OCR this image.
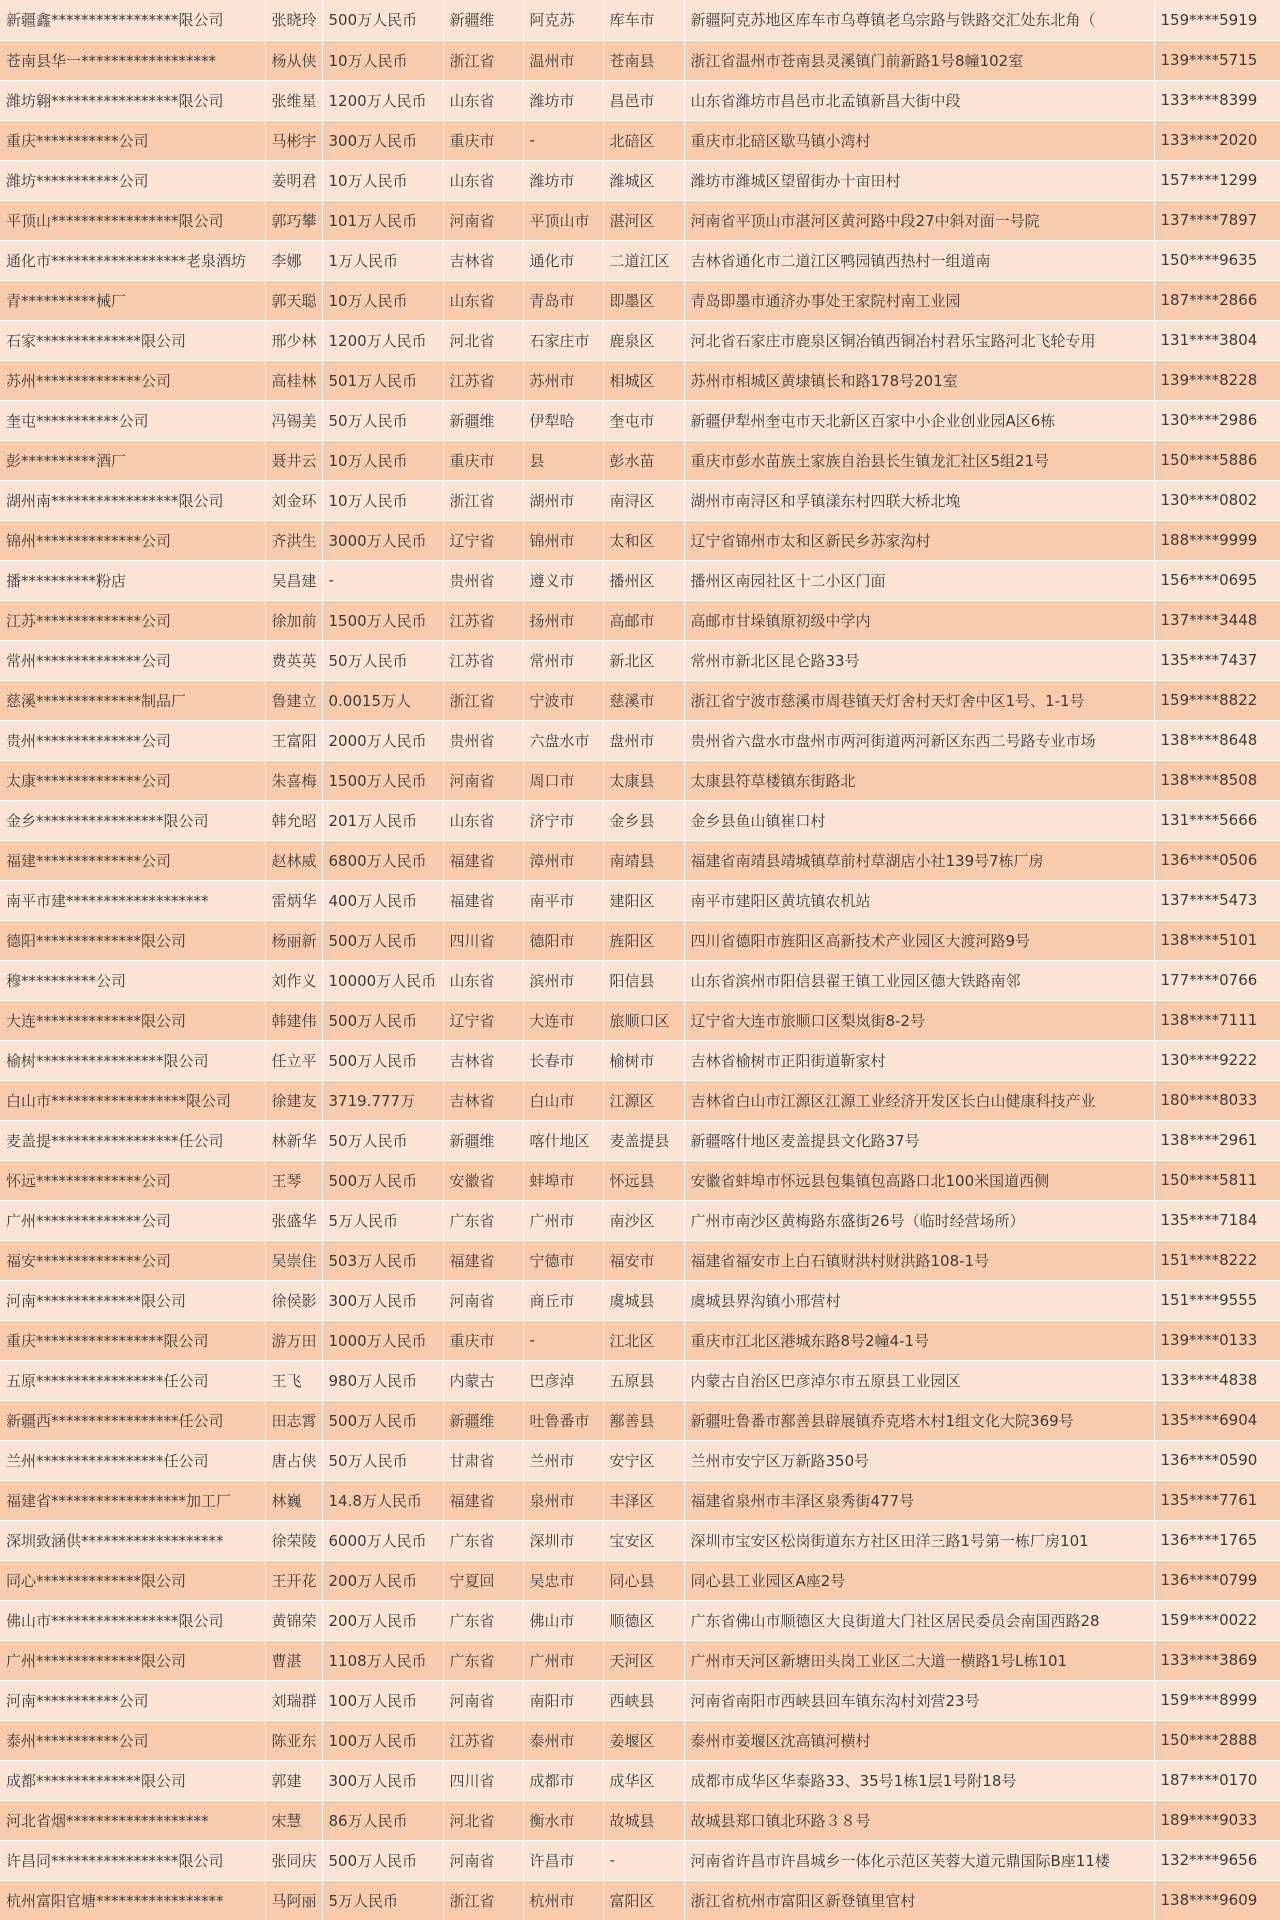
新疆鑫*****************限公司	张晓玲	500万人民币	新疆维	阿克苏	库车市	新疆阿克苏地区库车市乌尊镇老乌宗路与铁路交汇处东北角（	159****5919
苍南县华一******************	杨从侠	10万人民币	浙江省	温州市	苍南县	浙江省温州市苍南县灵溪镇门前新路1号8幢102室	139****5715
潍坊翱*****************限公司	张维星	1200万人民币	山东省	潍坊市	昌邑市	山东省潍坊市昌邑市北孟镇新昌大街中段	133****8399
重庆***********公司	马彬宇	300万人民币	重庆市	-	北碚区	重庆市北碚区歇马镇小湾村	133****2020
潍坊***********公司	姜明君	10万人民币	山东省	潍坊市	潍城区	潍坊市潍城区望留街办十亩田村	157****1299
平顶山*****************限公司	郭巧攀	101万人民币	河南省	平顶山市	湛河区	河南省平顶山市湛河区黄河路中段27中斜对面一号院	137****7897
通化市******************老泉酒坊	李娜	1万人民币	吉林省	通化市	二道江区	吉林省通化市二道江区鸭园镇西热村一组道南	150****9635
青**********械厂	郭天聪	10万人民币	山东省	青岛市	即墨区	青岛即墨市通济办事处王家院村南工业园	187****2866
石家**************限公司	邢少林	1200万人民币	河北省	石家庄市	鹿泉区	河北省石家庄市鹿泉区铜冶镇西铜冶村君乐宝路河北飞轮专用	131****3804
苏州**************公司	高桂林	501万人民币	江苏省	苏州市	相城区	苏州市相城区黄埭镇长和路178号201室	139****8228
奎屯***********公司	冯锡美	50万人民币	新疆维	伊犁哈	奎屯市	新疆伊犁州奎屯市天北新区百家中小企业创业园A区6栋	130****2986
彭**********酒厂	聂井云	10万人民币	重庆市	县	彭水苗	重庆市彭水苗族土家族自治县长生镇龙汇社区5组21号	150****5886
湖州南*****************限公司	刘金环	10万人民币	浙江省	湖州市	南浔区	湖州市南浔区和孚镇漾东村四联大桥北堍	130****0802
锦州**************公司	齐洪生	3000万人民币	辽宁省	锦州市	太和区	辽宁省锦州市太和区新民乡苏家沟村	188****9999
播**********粉店	吴昌建	-	贵州省	遵义市	播州区	播州区南园社区十二小区门面	156****0695
江苏**************公司	徐加前	1500万人民币	江苏省	扬州市	高邮市	高邮市甘垛镇原初级中学内	137****3448
常州**************公司	费英英	50万人民币	江苏省	常州市	新北区	常州市新北区昆仑路33号	135****7437
慈溪**************制品厂	鲁建立	0.0015万人	浙江省	宁波市	慈溪市	浙江省宁波市慈溪市周巷镇天灯舍村天灯舍中区1号、1-1号	159****8822
贵州**************公司	王富阳	2000万人民币	贵州省	六盘水市	盘州市	贵州省六盘水市盘州市两河街道两河新区东西二号路专业市场	138****8648
太康**************公司	朱喜梅	1500万人民币	河南省	周口市	太康县	太康县符草楼镇东街路北	138****8508
金乡*****************限公司	韩允昭	201万人民币	山东省	济宁市	金乡县	金乡县鱼山镇崔口村	131****5666
福建**************公司	赵林威	6800万人民币	福建省	漳州市	南靖县	福建省南靖县靖城镇草前村草湖店小社139号7栋厂房	136****0506
南平市建*******************	雷炳华	400万人民币	福建省	南平市	建阳区	南平市建阳区黄坑镇农机站	137****5473
德阳**************限公司	杨丽新	500万人民币	四川省	德阳市	旌阳区	四川省德阳市旌阳区高新技术产业园区大渡河路9号	138****5101
穆**********公司	刘作义	10000万人民币	山东省	滨州市	阳信县	山东省滨州市阳信县翟王镇工业园区德大铁路南邻	177****0766
大连**************限公司	韩建伟	500万人民币	辽宁省	大连市	旅顺口区	辽宁省大连市旅顺口区梨岚街8-2号	138****7111
榆树*****************限公司	任立平	500万人民币	吉林省	长春市	榆树市	吉林省榆树市正阳街道靳家村	130****9222
白山市******************限公司	徐建友	3719.777万	吉林省	白山市	江源区	吉林省白山市江源区江源工业经济开发区长白山健康科技产业	180****8033
麦盖提*****************任公司	林新华	50万人民币	新疆维	喀什地区	麦盖提县	新疆喀什地区麦盖提县文化路37号	138****2961
怀远**************公司	王琴	500万人民币	安徽省	蚌埠市	怀远县	安徽省蚌埠市怀远县包集镇包高路口北100米国道西侧	150****5811
广州**************公司	张盛华	5万人民币	广东省	广州市	南沙区	广州市南沙区黄梅路东盛街26号（临时经营场所）	135****7184
福安**************公司	吴崇住	503万人民币	福建省	宁德市	福安市	福建省福安市上白石镇财洪村财洪路108-1号	151****8222
河南**************限公司	徐侯影	300万人民币	河南省	商丘市	虞城县	虞城县界沟镇小邢营村	151****9555
重庆*****************限公司	游万田	1000万人民币	重庆市	-	江北区	重庆市江北区港城东路8号2幢4-1号	139****0133
五原*****************任公司	王飞	980万人民币	内蒙古	巴彦淖	五原县	内蒙古自治区巴彦淖尔市五原县工业园区	133****4838
新疆西*****************任公司	田志霄	500万人民币	新疆维	吐鲁番市	鄯善县	新疆吐鲁番市鄯善县辟展镇乔克塔木村1组文化大院369号	135****6904
兰州*****************任公司	唐占侠	50万人民币	甘肃省	兰州市	安宁区	兰州市安宁区万新路350号	136****0590
福建省******************加工厂	林巍	14.8万人民币	福建省	泉州市	丰泽区	福建省泉州市丰泽区泉秀街477号	135****7761
深圳致涵供*******************	徐荣陵	6000万人民币	广东省	深圳市	宝安区	深圳市宝安区松岗街道东方社区田洋三路1号第一栋厂房101	136****1765
同心**************限公司	王开花	200万人民币	宁夏回	吴忠市	同心县	同心县工业园区A座2号	136****0799
佛山市*****************限公司	黄锦荣	200万人民币	广东省	佛山市	顺德区	广东省佛山市顺德区大良街道大门社区居民委员会南国西路28	159****0022
广州**************限公司	曹湛	1108万人民币	广东省	广州市	天河区	广州市天河区新塘田头岗工业区二大道一横路1号L栋101	133****3869
河南***********公司	刘瑞群	100万人民币	河南省	南阳市	西峡县	河南省南阳市西峡县回车镇东沟村刘营23号	159****8999
泰州***********公司	陈亚东	100万人民币	江苏省	泰州市	姜堰区	泰州市姜堰区沈高镇河横村	150****2888
成都**************限公司	郭建	300万人民币	四川省	成都市	成华区	成都市成华区华泰路33、35号1栋1层1号附18号	187****0170
河北省烟*******************	宋慧	86万人民币	河北省	衡水市	故城县	故城县郑口镇北环路３８号	189****9033
许昌同*****************限公司	张同庆	500万人民币	河南省	许昌市	-	河南省许昌市许昌城乡一体化示范区芙蓉大道元鼎国际B座11楼	132****9656
杭州富阳官塘*****************	马阿丽	5万人民币	浙江省	杭州市	富阳区	浙江省杭州市富阳区新登镇里官村	138****9609
